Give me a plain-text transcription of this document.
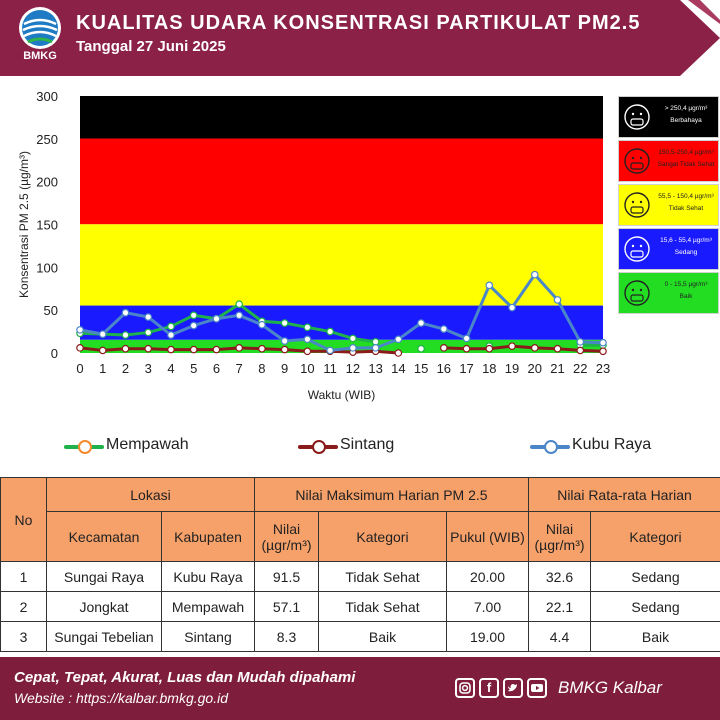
BMKG
KUALITAS UDARA KONSENTRASI PARTIKULAT PM2.5
Tanggal 27 Juni 2025
0
50
100
150
200
250
300
0 1 2 3 4 5 6 7 8 9 10 11 12 13 14 15 16 17 18 19 20 21 22 23
Waktu (WIB)
Konsentrasi PM 2.5 (µg/m³)
> 250,4 µgr/m³
Berbahaya
150,5-250,4 µgr/m³
Sangat Tidak Sehat
55,5 - 150,4 µgr/m³
Tidak Sehat
15,6 - 55,4 µgr/m³
Sedang
0 - 15,5 µgr/m³
Baik
Mempawah	Sintang	Kubu Raya
No	Lokasi		Nilai Maksimum Harian PM 2.5			Nilai Rata-rata Harian	
	Kecamatan	Kabupaten	Nilai
(µgr/m³)	Kategori	Pukul (WIB)	Nilai
(µgr/m³)	Kategori
1	Sungai Raya	Kubu Raya	91.5	Tidak Sehat	20.00	32.6	Sedang
2	Jongkat	Mempawah	57.1	Tidak Sehat	7.00	22.1	Sedang
3	Sungai Tebelian	Sintang	8.3	Baik	19.00	4.4	Baik
Cepat, Tepat, Akurat, Luas dan Mudah dipahami
Website : https://kalbar.bmkg.go.id
f	BMKG Kalbar
